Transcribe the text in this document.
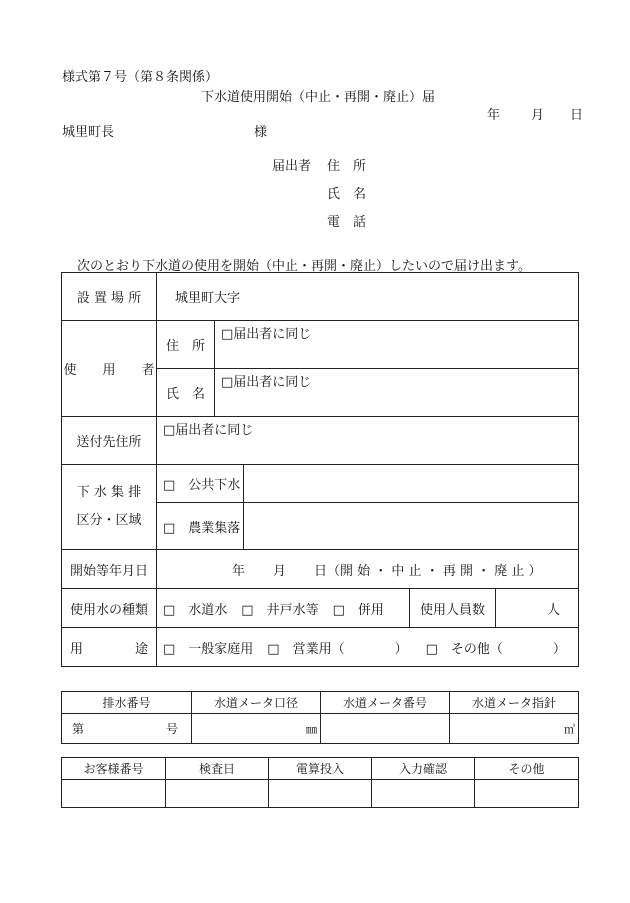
様式第７号（第８条関係）
下水道使用開始（中止・再開・廃止）届
年 月 日
城里町長	様
届出者 住　所
氏　名
電　話
次のとおり下水道の使用を開始（中止・再開・廃止）したいので届け出ます。
設 置 場 所	城里町大字				
使　　用　　者	住　所	□届出者に同じ			
	氏　名	□届出者に同じ			
送付先住所	□届出者に同じ				

下 水 集 排
区分・区域	□　公共下水				
	□　農業集落				
開始等年月日	年 月 日（開 始 ・ 中 止 ・ 再 開 ・ 廃 止 ）				
使用水の種類	□　水道水 □　井戸水等 □　併用			使用人員数	人
用　　　　途	□　一般家庭用 □　営業用（ ） □　その他（ ）				
排水番号	水道メータ口径	水道メータ番号	水道メータ指針
第 号	㎜		㎥
お客様番号	検査日	電算投入	入力確認	その他
